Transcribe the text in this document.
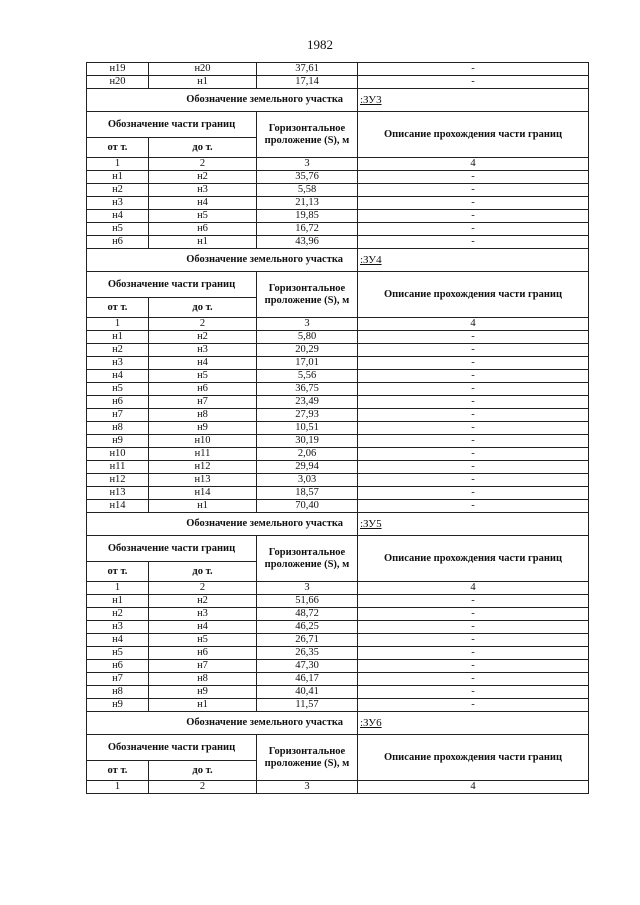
1982
н19	н20	37,61	-
н20	н1	17,14	-
Обозначение земельного участка			:ЗУ3
Обозначение части границ		Горизонтальное проложение (S), м	Описание прохождения части границ
от т.	до т.		
1	2	3	4
н1	н2	35,76	-
н2	н3	5,58	-
н3	н4	21,13	-
н4	н5	19,85	-
н5	н6	16,72	-
н6	н1	43,96	-
Обозначение земельного участка			:ЗУ4
Обозначение части границ		Горизонтальное проложение (S), м	Описание прохождения части границ
от т.	до т.		
1	2	3	4
н1	н2	5,80	-
н2	н3	20,29	-
н3	н4	17,01	-
н4	н5	5,56	-
н5	н6	36,75	-
н6	н7	23,49	-
н7	н8	27,93	-
н8	н9	10,51	-
н9	н10	30,19	-
н10	н11	2,06	-
н11	н12	29,94	-
н12	н13	3,03	-
н13	н14	18,57	-
н14	н1	70,40	-
Обозначение земельного участка			:ЗУ5
Обозначение части границ		Горизонтальное проложение (S), м	Описание прохождения части границ
от т.	до т.		
1	2	3	4
н1	н2	51,66	-
н2	н3	48,72	-
н3	н4	46,25	-
н4	н5	26,71	-
н5	н6	26,35	-
н6	н7	47,30	-
н7	н8	46,17	-
н8	н9	40,41	-
н9	н1	11,57	-
Обозначение земельного участка			:ЗУ6
Обозначение части границ		Горизонтальное проложение (S), м	Описание прохождения части границ
от т.	до т.		
1	2	3	4
